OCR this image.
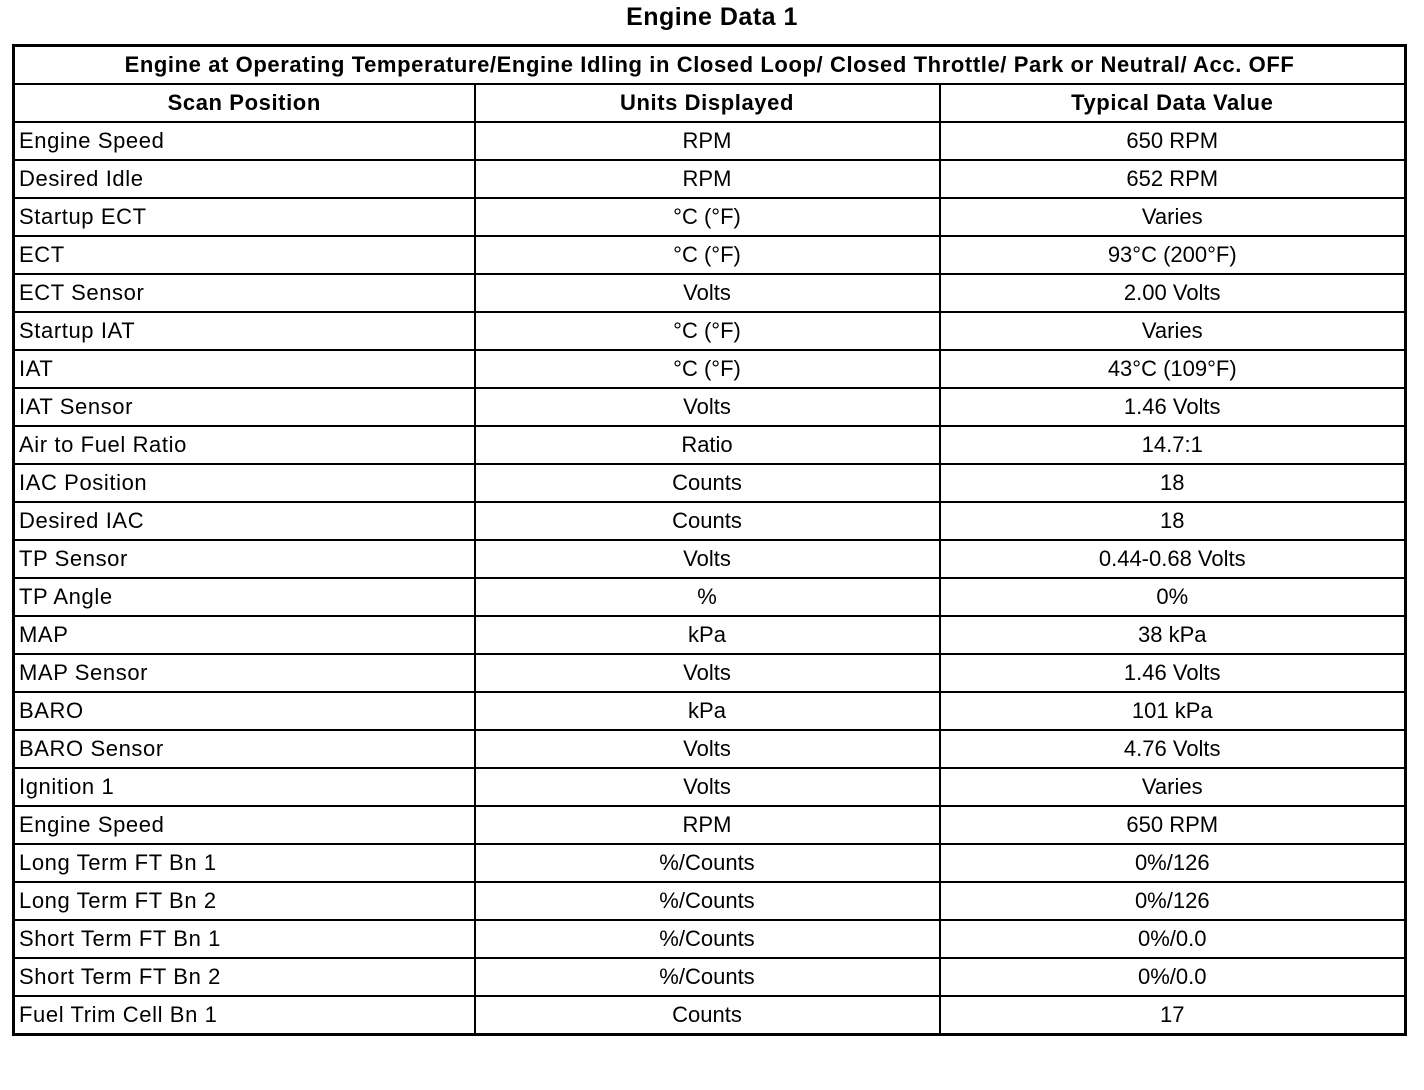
Engine Data 1
Engine at Operating Temperature/Engine Idling in Closed Loop/ Closed Throttle/ Park or Neutral/ Acc. OFF		
Scan Position	Units Displayed	Typical Data Value
Engine Speed	RPM	650 RPM
Desired Idle	RPM	652 RPM
Startup ECT	°C (°F)	Varies
ECT	°C (°F)	93°C (200°F)
ECT Sensor	Volts	2.00 Volts
Startup IAT	°C (°F)	Varies
IAT	°C (°F)	43°C (109°F)
IAT Sensor	Volts	1.46 Volts
Air to Fuel Ratio	Ratio	14.7:1
IAC Position	Counts	18
Desired IAC	Counts	18
TP Sensor	Volts	0.44-0.68 Volts
TP Angle	%	0%
MAP	kPa	38 kPa
MAP Sensor	Volts	1.46 Volts
BARO	kPa	101 kPa
BARO Sensor	Volts	4.76 Volts
Ignition 1	Volts	Varies
Engine Speed	RPM	650 RPM
Long Term FT Bn 1	%/Counts	0%/126
Long Term FT Bn 2	%/Counts	0%/126
Short Term FT Bn 1	%/Counts	0%/0.0
Short Term FT Bn 2	%/Counts	0%/0.0
Fuel Trim Cell Bn 1	Counts	17
